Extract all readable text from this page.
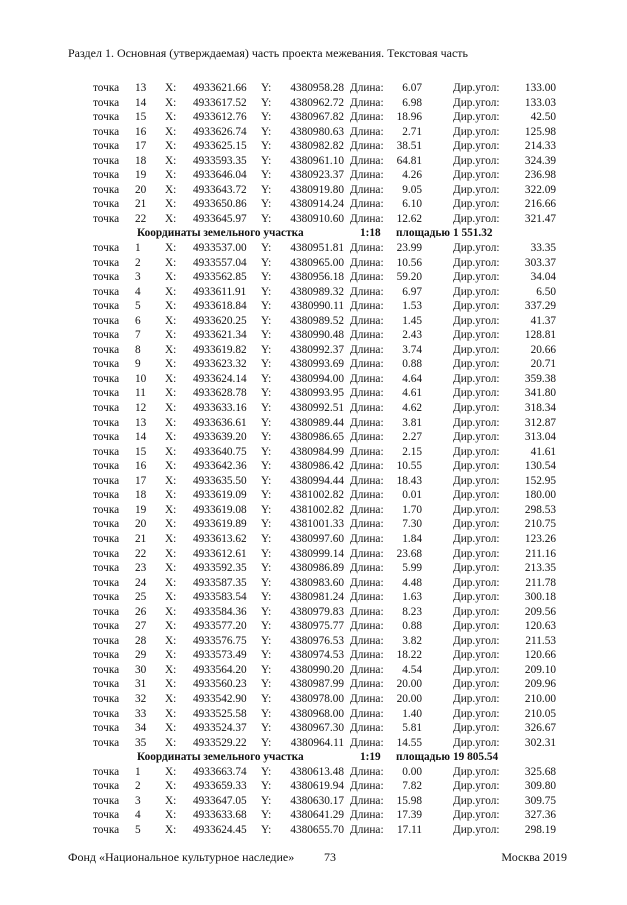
Раздел 1. Основная (утверждаемая) часть проекта межевания. Текстовая часть
точка 13 X: 4933621.66 Y: 4380958.28 Длина: 6.07	Дир.угол: 133.00
точка 14 X: 4933617.52 Y: 4380962.72 Длина: 6.98	Дир.угол: 133.03
точка 15 X: 4933612.76 Y: 4380967.82 Длина: 18.96	Дир.угол:	42.50
точка 16 X: 4933626.74 Y: 4380980.63 Длина: 2.71	Дир.угол: 125.98
точка 17 X: 4933625.15 Y: 4380982.82 Длина: 38.51	Дир.угол: 214.33
точка 18 X: 4933593.35 Y: 4380961.10 Длина: 64.81	Дир.угол: 324.39
точка 19 X: 4933646.04 Y: 4380923.37 Длина: 4.26	Дир.угол: 236.98
точка 20 X: 4933643.72 Y: 4380919.80 Длина: 9.05	Дир.угол: 322.09
точка 21 X: 4933650.86 Y: 4380914.24 Длина: 6.10	Дир.угол: 216.66
точка 22 X: 4933645.97 Y: 4380910.60 Длина: 12.62	Дир.угол: 321.47
Координаты земельного участка	1:18 площадью 1 551.32
точка 1 X: 4933537.00 Y: 4380951.81 Длина: 23.99	Дир.угол:	33.35
точка 2 X: 4933557.04 Y: 4380965.00 Длина: 10.56	Дир.угол: 303.37
точка 3 X: 4933562.85 Y: 4380956.18 Длина: 59.20	Дир.угол:	34.04
точка 4 X: 4933611.91 Y: 4380989.32 Длина: 6.97	Дир.угол:	6.50
точка 5 X: 4933618.84 Y: 4380990.11 Длина: 1.53	Дир.угол: 337.29
точка 6 X: 4933620.25 Y: 4380989.52 Длина: 1.45	Дир.угол:	41.37
точка 7 X: 4933621.34 Y: 4380990.48 Длина: 2.43	Дир.угол: 128.81
точка 8 X: 4933619.82 Y: 4380992.37 Длина: 3.74	Дир.угол:	20.66
точка 9 X: 4933623.32 Y: 4380993.69 Длина: 0.88	Дир.угол:	20.71
точка 10 X: 4933624.14 Y: 4380994.00 Длина: 4.64	Дир.угол: 359.38
точка 11 X: 4933628.78 Y: 4380993.95 Длина: 4.61	Дир.угол: 341.80
точка 12 X: 4933633.16 Y: 4380992.51 Длина: 4.62	Дир.угол: 318.34
точка 13 X: 4933636.61 Y: 4380989.44 Длина: 3.81	Дир.угол: 312.87
точка 14 X: 4933639.20 Y: 4380986.65 Длина: 2.27	Дир.угол: 313.04
точка 15 X: 4933640.75 Y: 4380984.99 Длина: 2.15	Дир.угол:	41.61
точка 16 X: 4933642.36 Y: 4380986.42 Длина: 10.55	Дир.угол: 130.54
точка 17 X: 4933635.50 Y: 4380994.44 Длина: 18.43	Дир.угол: 152.95
точка 18 X: 4933619.09 Y: 4381002.82 Длина: 0.01	Дир.угол: 180.00
точка 19 X: 4933619.08 Y: 4381002.82 Длина: 1.70	Дир.угол: 298.53
точка 20 X: 4933619.89 Y: 4381001.33 Длина: 7.30	Дир.угол: 210.75
точка 21 X: 4933613.62 Y: 4380997.60 Длина: 1.84	Дир.угол: 123.26
точка 22 X: 4933612.61 Y: 4380999.14 Длина: 23.68	Дир.угол: 211.16
точка 23 X: 4933592.35 Y: 4380986.89 Длина: 5.99	Дир.угол: 213.35
точка 24 X: 4933587.35 Y: 4380983.60 Длина: 4.48	Дир.угол: 211.78
точка 25 X: 4933583.54 Y: 4380981.24 Длина: 1.63	Дир.угол: 300.18
точка 26 X: 4933584.36 Y: 4380979.83 Длина: 8.23	Дир.угол: 209.56
точка 27 X: 4933577.20 Y: 4380975.77 Длина: 0.88	Дир.угол: 120.63
точка 28 X: 4933576.75 Y: 4380976.53 Длина: 3.82	Дир.угол: 211.53
точка 29 X: 4933573.49 Y: 4380974.53 Длина: 18.22	Дир.угол: 120.66
точка 30 X: 4933564.20 Y: 4380990.20 Длина: 4.54	Дир.угол: 209.10
точка 31 X: 4933560.23 Y: 4380987.99 Длина: 20.00	Дир.угол: 209.96
точка 32 X: 4933542.90 Y: 4380978.00 Длина: 20.00	Дир.угол: 210.00
точка 33 X: 4933525.58 Y: 4380968.00 Длина: 1.40	Дир.угол: 210.05
точка 34 X: 4933524.37 Y: 4380967.30 Длина: 5.81	Дир.угол: 326.67
точка 35 X: 4933529.22 Y: 4380964.11 Длина: 14.55	Дир.угол: 302.31
Координаты земельного участка	1:19 площадью 19 805.54
точка 1 X: 4933663.74 Y: 4380613.48 Длина: 0.00	Дир.угол: 325.68
точка 2 X: 4933659.33 Y: 4380619.94 Длина: 7.82	Дир.угол: 309.80
точка 3 X: 4933647.05 Y: 4380630.17 Длина: 15.98	Дир.угол: 309.75
точка 4 X: 4933633.68 Y: 4380641.29 Длина: 17.39	Дир.угол: 327.36
точка 5 X: 4933624.45 Y: 4380655.70 Длина: 17.11	Дир.угол: 298.19
Фонд «Национальное культурное наследие» 73	Москва 2019
